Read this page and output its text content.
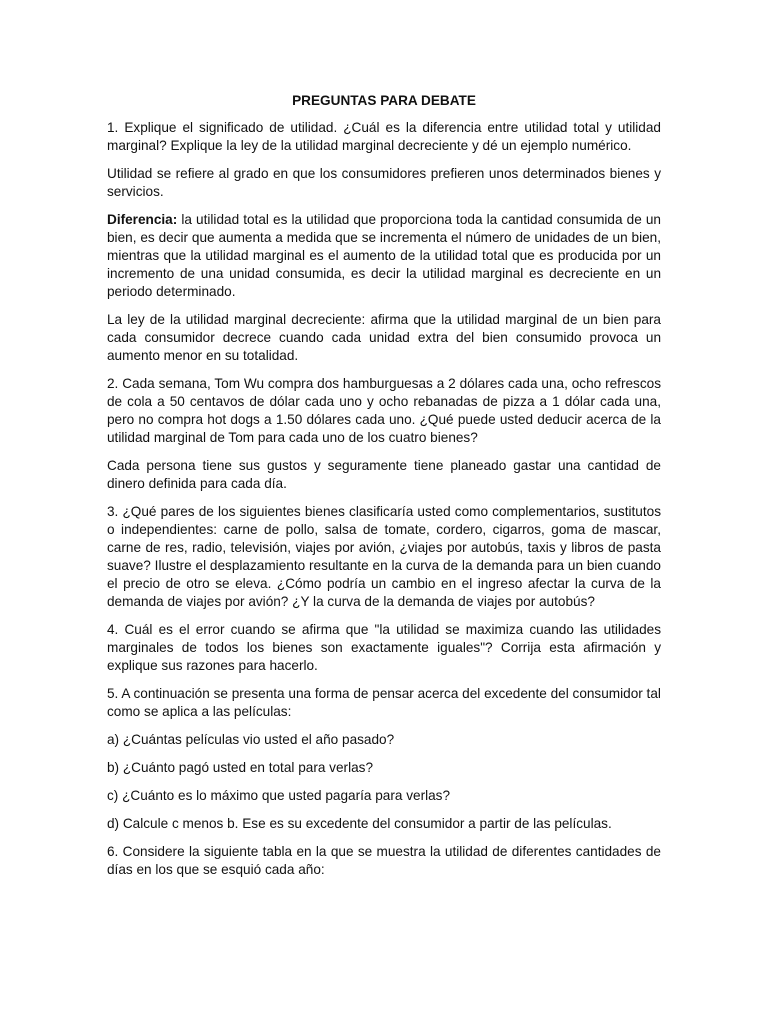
PREGUNTAS PARA DEBATE

1. Explique el significado de utilidad. ¿Cuál es la diferencia entre utilidad total y utilidad marginal? Explique la ley de la utilidad marginal decreciente y dé un ejemplo numérico.

Utilidad se refiere al grado en que los consumidores prefieren unos determinados bienes y servicios.

Diferencia: la utilidad total es la utilidad que proporciona toda la cantidad consumida de un bien, es decir que aumenta a medida que se incrementa el número de unidades de un bien, mientras que la utilidad marginal es el aumento de la utilidad total que es producida por un incremento de una unidad consumida, es decir la utilidad marginal es decreciente en un periodo determinado.

La ley de la utilidad marginal decreciente: afirma que la utilidad marginal de un bien para cada consumidor decrece cuando cada unidad extra del bien consumido provoca un aumento menor en su totalidad.

2. Cada semana, Tom Wu compra dos hamburguesas a 2 dólares cada una, ocho refrescos de cola a 50 centavos de dólar cada uno y ocho rebanadas de pizza a 1 dólar cada una, pero no compra hot dogs a 1.50 dólares cada uno. ¿Qué puede usted deducir acerca de la utilidad marginal de Tom para cada uno de los cuatro bienes?

Cada persona tiene sus gustos y seguramente tiene planeado gastar una cantidad de dinero definida para cada día.

3. ¿Qué pares de los siguientes bienes clasificaría usted como complementarios, sustitutos o independientes: carne de pollo, salsa de tomate, cordero, cigarros, goma de mascar, carne de res, radio, televisión, viajes por avión, ¿viajes por autobús, taxis y libros de pasta suave? Ilustre el desplazamiento resultante en la curva de la demanda para un bien cuando el precio de otro se eleva. ¿Cómo podría un cambio en el ingreso afectar la curva de la demanda de viajes por avión? ¿Y la curva de la demanda de viajes por autobús?

4. Cuál es el error cuando se afirma que "la utilidad se maximiza cuando las utilidades marginales de todos los bienes son exactamente iguales"? Corrija esta afirmación y explique sus razones para hacerlo.

5. A continuación se presenta una forma de pensar acerca del excedente del consumidor tal como se aplica a las películas:

a) ¿Cuántas películas vio usted el año pasado?

b) ¿Cuánto pagó usted en total para verlas?

c) ¿Cuánto es lo máximo que usted pagaría para verlas?

d) Calcule c menos b. Ese es su excedente del consumidor a partir de las películas.

6. Considere la siguiente tabla en la que se muestra la utilidad de diferentes cantidades de días en los que se esquió cada año:
